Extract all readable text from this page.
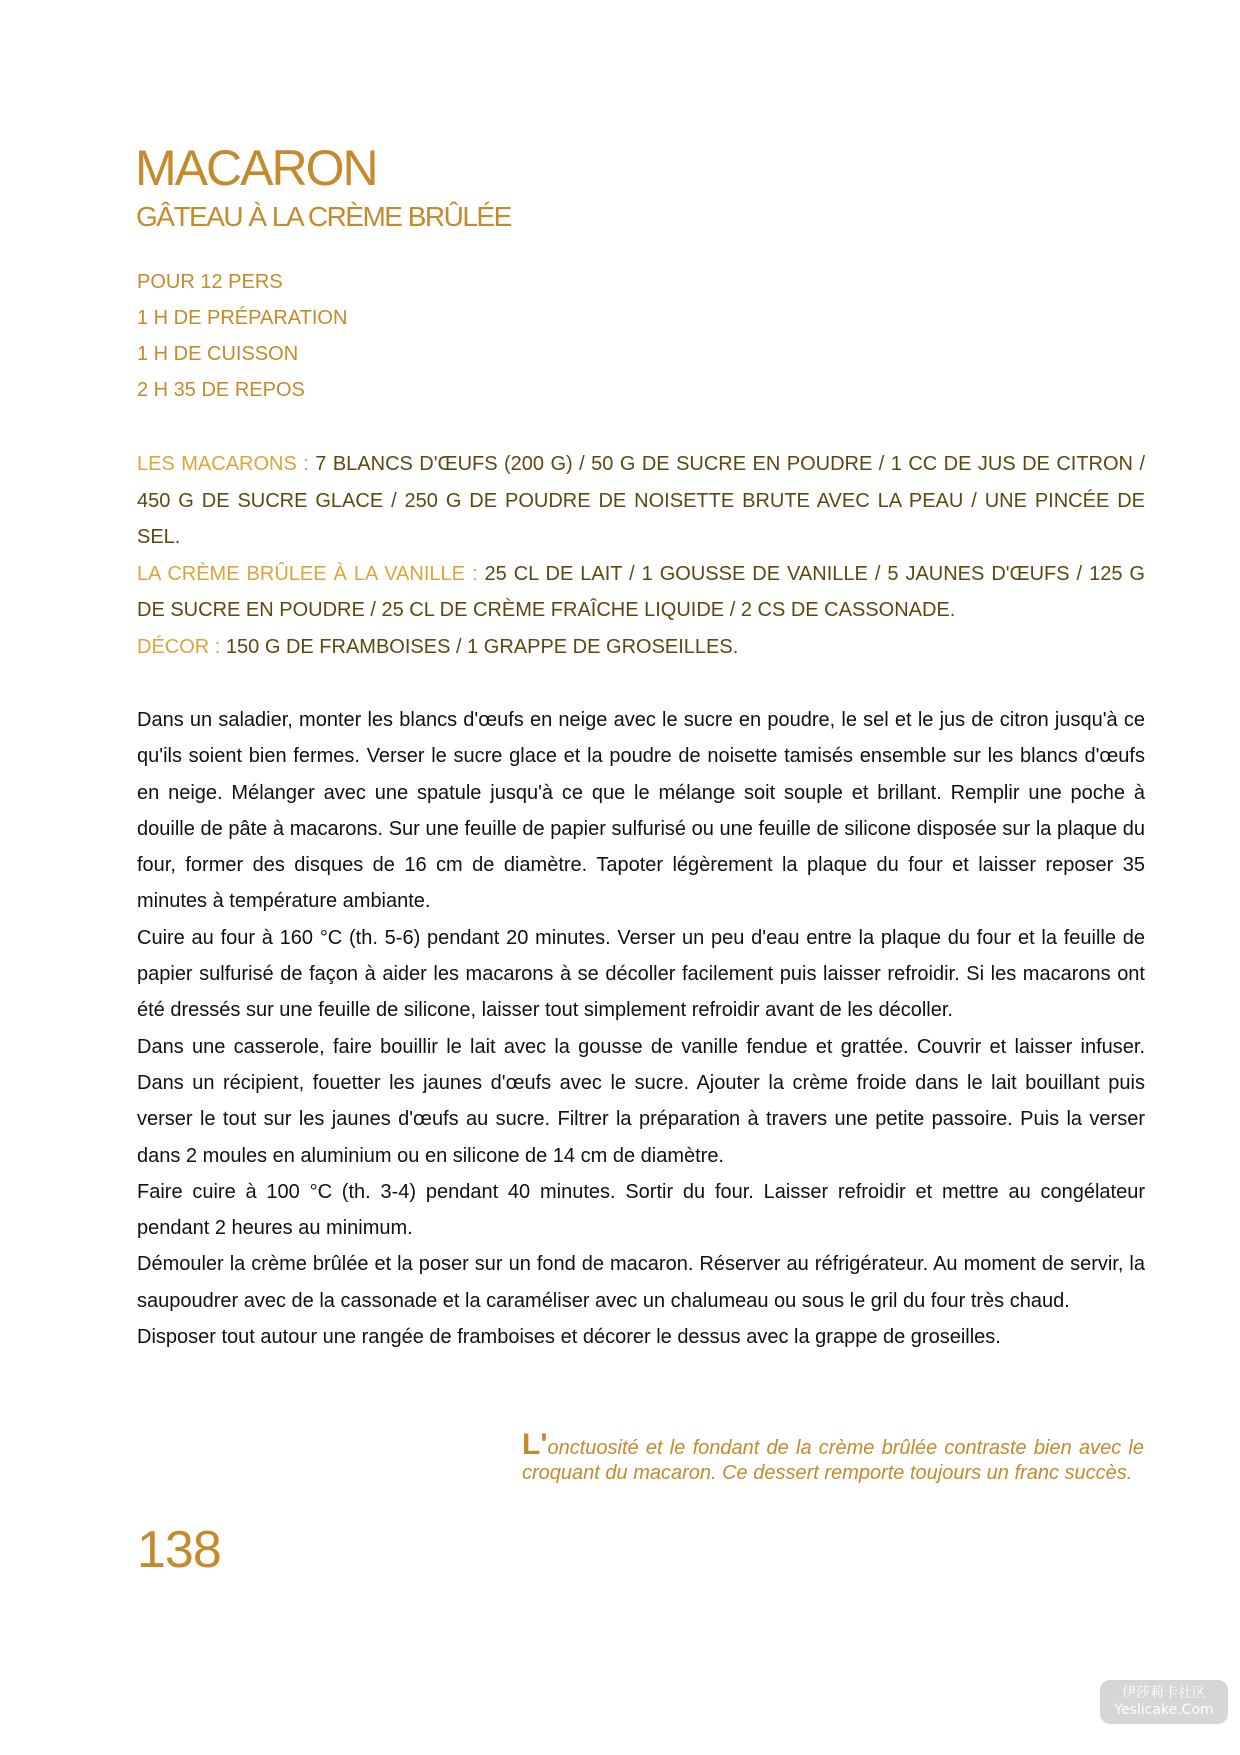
MACARON
GÂTEAU À LA CRÈME BRÛLÉE
POUR 12 PERS
1 H DE PRÉPARATION
1 H DE CUISSON
2 H 35 DE REPOS

LES MACARONS : 7 BLANCS D'ŒUFS (200 G) / 50 G DE SUCRE EN POUDRE / 1 CC DE JUS DE CITRON / 450 G DE SUCRE GLACE / 250 G DE POUDRE DE NOISETTE BRUTE AVEC LA PEAU / UNE PINCÉE DE SEL.

LA CRÈME BRÛLEE À LA VANILLE : 25 CL DE LAIT / 1 GOUSSE DE VANILLE / 5 JAUNES D'ŒUFS / 125 G DE SUCRE EN POUDRE / 25 CL DE CRÈME FRAÎCHE LIQUIDE / 2 CS DE CASSONADE.

DÉCOR : 150 G DE FRAMBOISES / 1 GRAPPE DE GROSEILLES.

Dans un saladier, monter les blancs d'œufs en neige avec le sucre en poudre, le sel et le jus de citron jusqu'à ce qu'ils soient bien fermes. Verser le sucre glace et la poudre de noisette tamisés ensemble sur les blancs d'œufs en neige. Mélanger avec une spatule jusqu'à ce que le mélange soit souple et brillant. Remplir une poche à douille de pâte à macarons. Sur une feuille de papier sulfurisé ou une feuille de silicone disposée sur la plaque du four, former des disques de 16 cm de diamètre. Tapoter légèrement la plaque du four et laisser reposer 35 minutes à température ambiante.

Cuire au four à 160 °C (th. 5-6) pendant 20 minutes. Verser un peu d'eau entre la plaque du four et la feuille de papier sulfurisé de façon à aider les macarons à se décoller facilement puis laisser refroidir. Si les macarons ont été dressés sur une feuille de silicone, laisser tout simplement refroidir avant de les décoller.

Dans une casserole, faire bouillir le lait avec la gousse de vanille fendue et grattée. Couvrir et laisser infuser. Dans un récipient, fouetter les jaunes d'œufs avec le sucre. Ajouter la crème froide dans le lait bouillant puis verser le tout sur les jaunes d'œufs au sucre. Filtrer la préparation à travers une petite passoire. Puis la verser dans 2 moules en aluminium ou en silicone de 14 cm de diamètre.

Faire cuire à 100 °C (th. 3-4) pendant 40 minutes. Sortir du four. Laisser refroidir et mettre au congélateur pendant 2 heures au minimum.

Démouler la crème brûlée et la poser sur un fond de macaron. Réserver au réfrigérateur. Au moment de servir, la saupoudrer avec de la cassonade et la caraméliser avec un chalumeau ou sous le gril du four très chaud.

Disposer tout autour une rangée de framboises et décorer le dessus avec la grappe de groseilles.

L'onctuosité et le fondant de la crème brûlée contraste bien avec le croquant du macaron. Ce dessert remporte toujours un franc succès.
138
伊莎莉卡社区
Yeslicake.Com
